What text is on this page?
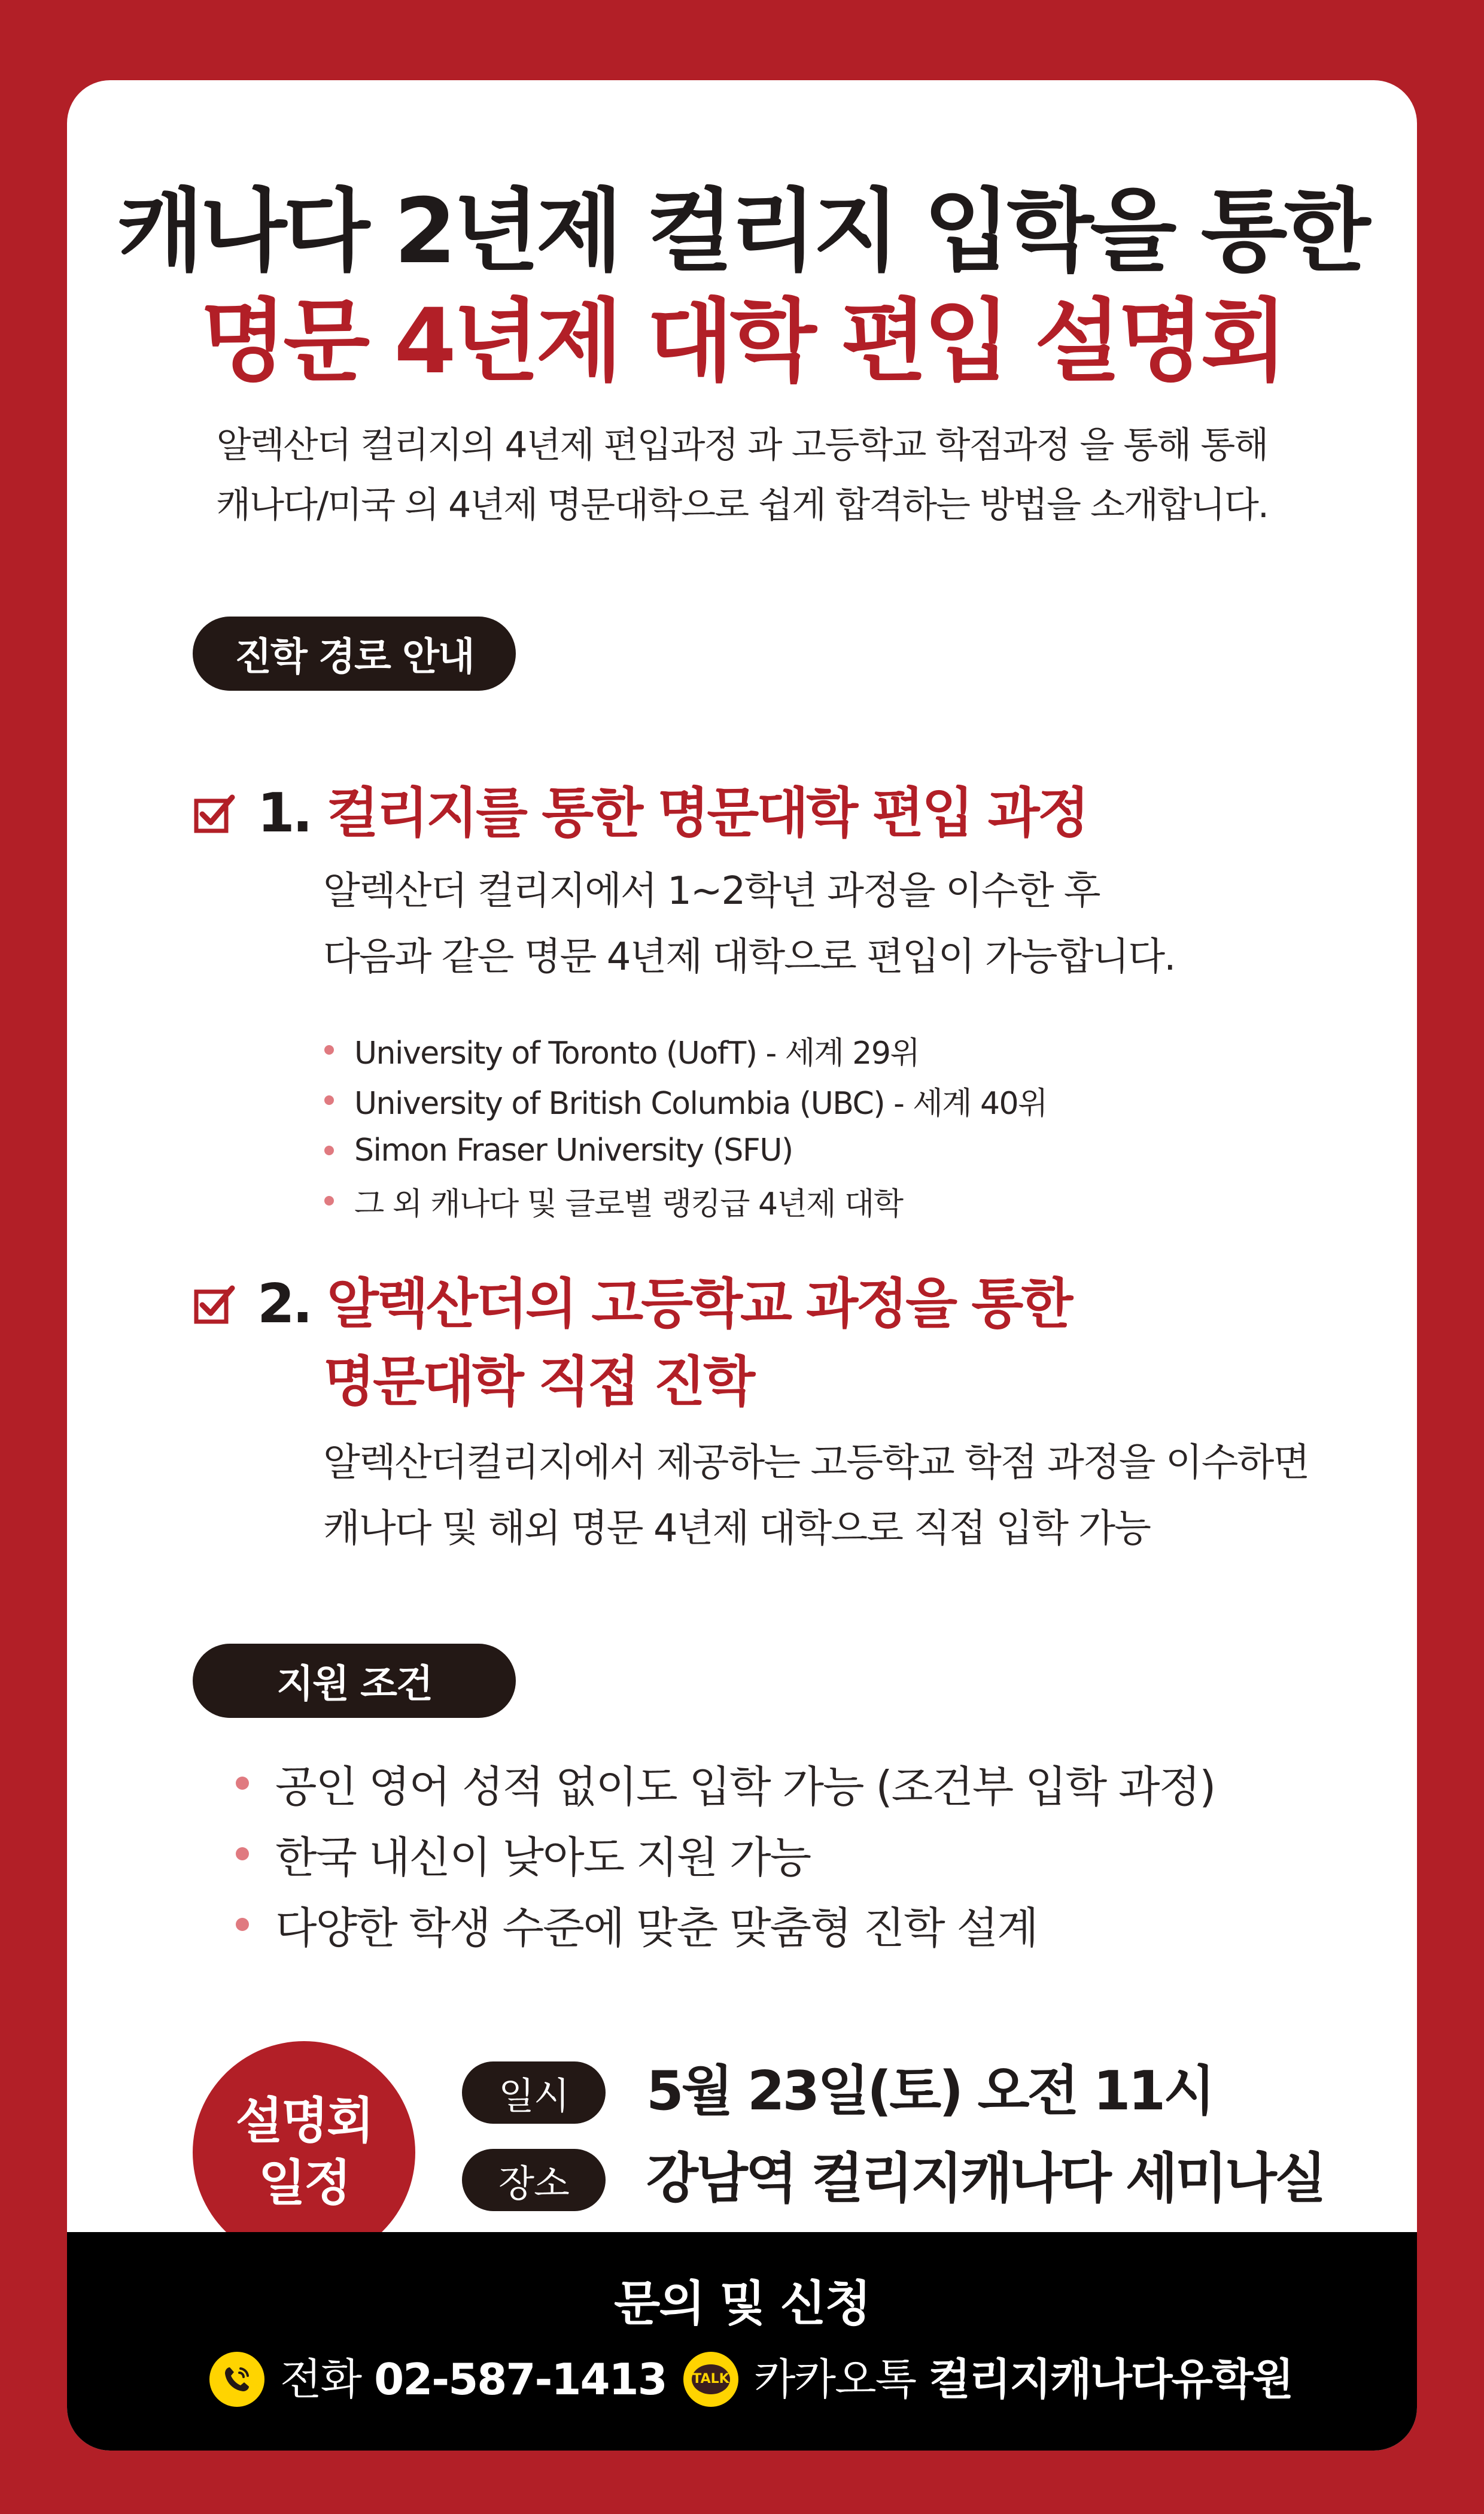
캐나다 2년제 컬리지 입학을 통한
명문 4년제 대학 편입 설명회
알렉산더 컬리지의 4년제 편입과정 과 고등학교 학점과정 을 통해 통해
캐나다/미국 의 4년제 명문대학으로 쉽게 합격하는 방법을 소개합니다.
진학 경로 안내
1. 컬리지를 통한 명문대학 편입 과정
알렉산더 컬리지에서 1~2학년 과정을 이수한 후
다음과 같은 명문 4년제 대학으로 편입이 가능합니다.
University of Toronto (UofT) - 세계 29위
University of British Columbia (UBC) - 세계 40위
Simon Fraser University (SFU)
그 외 캐나다 및 글로벌 랭킹급 4년제 대학
2. 알렉산더의 고등학교 과정을 통한
명문대학 직접 진학
알렉산더컬리지에서 제공하는 고등학교 학점 과정을 이수하면
캐나다 및 해외 명문 4년제 대학으로 직접 입학 가능
지원 조건
공인 영어 성적 없이도 입학 가능 (조건부 입학 과정)
한국 내신이 낮아도 지원 가능
다양한 학생 수준에 맞춘 맞춤형 진학 설계
설명회
일정
일시 5월 23일(토) 오전 11시
장소 강남역 컬리지캐나다 세미나실
문의 및 신청
전화 02-587-1413 TALK 카카오톡 컬리지캐나다유학원
